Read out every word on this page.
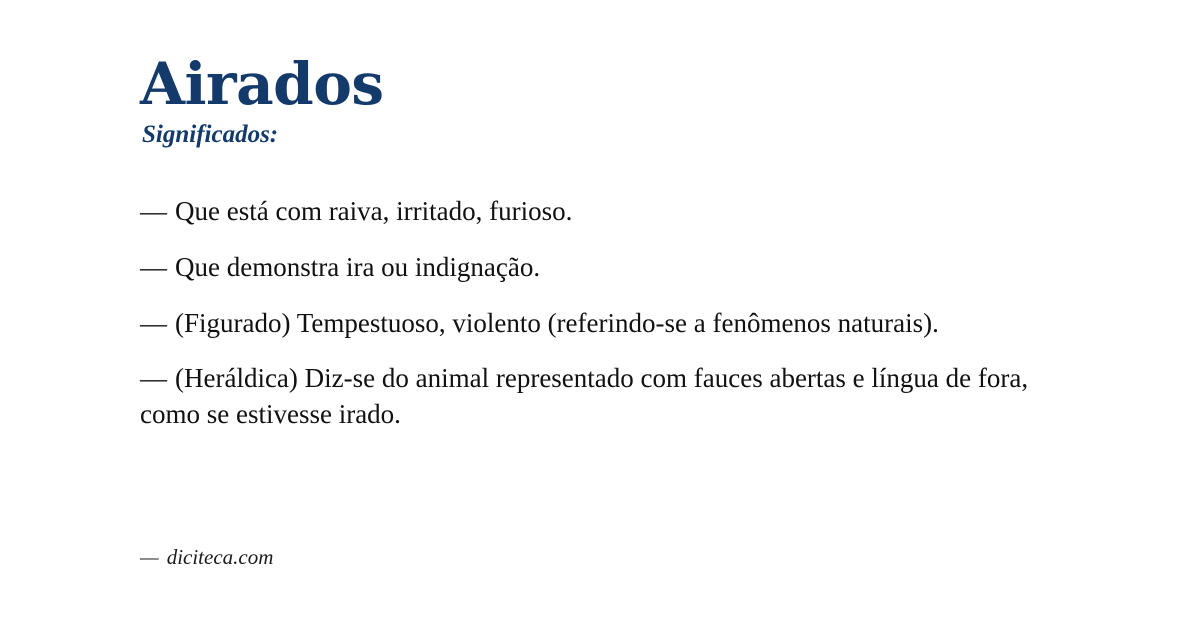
Airados
Significados:
— Que está com raiva, irritado, furioso.
— Que demonstra ira ou indignação.
— (Figurado) Tempestuoso, violento (referindo-se a fenômenos naturais).
— (Heráldica) Diz-se do animal representado com fauces abertas e língua de fora, como se estivesse irado.
— diciteca.com
